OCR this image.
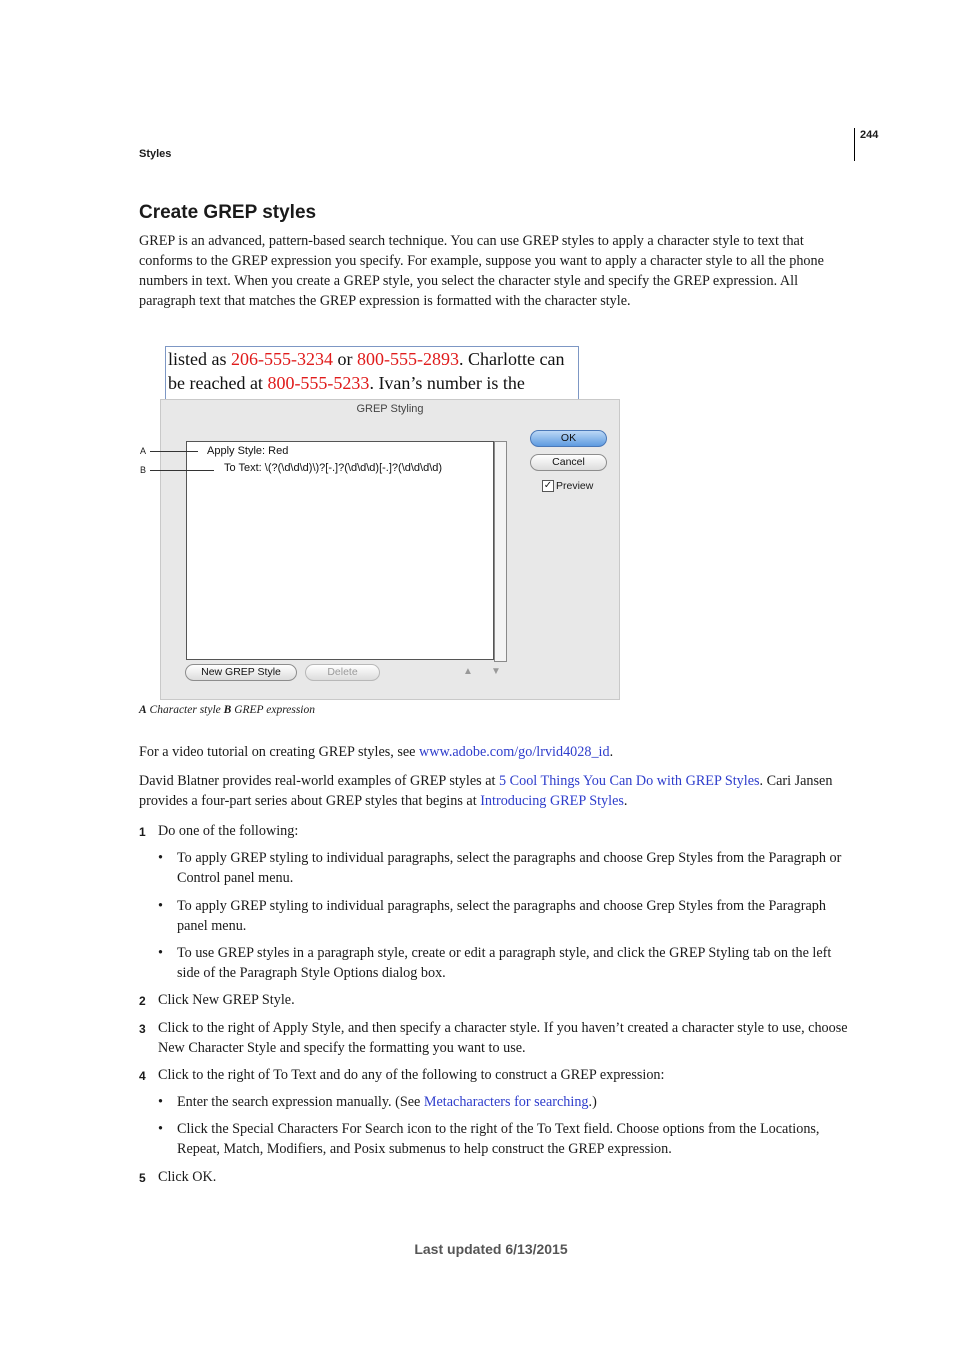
244
Styles
Create GREP styles
GREP is an advanced, pattern-based search technique. You can use GREP styles to apply a character style to text that conforms to the GREP expression you specify. For example, suppose you want to apply a character style to all the phone numbers in text. When you create a GREP style, you select the character style and specify the GREP expression. All paragraph text that matches the GREP expression is formatted with the character style.
listed as 206-555-3234 or 800-555-2893. Charlotte can be reached at 800-555-5233. Ivan’s number is the
GREP Styling
Apply Style: Red
To Text: \(?(\d\d\d)\)?[-.]?(\d\d\d)[-.]?(\d\d\d\d)
OK
Cancel
✓ Preview
New GREP Style	Delete	▲ ▼
A
B
A Character style B GREP expression
For a video tutorial on creating GREP styles, see www.adobe.com/go/lrvid4028_id.
David Blatner provides real-world examples of GREP styles at 5 Cool Things You Can Do with GREP Styles. Cari Jansen provides a four-part series about GREP styles that begins at Introducing GREP Styles.
1 Do one of the following:
• To apply GREP styling to individual paragraphs, select the paragraphs and choose Grep Styles from the Paragraph or Control panel menu.
• To apply GREP styling to individual paragraphs, select the paragraphs and choose Grep Styles from the Paragraph panel menu.
• To use GREP styles in a paragraph style, create or edit a paragraph style, and click the GREP Styling tab on the left side of the Paragraph Style Options dialog box.
2 Click New GREP Style.
3 Click to the right of Apply Style, and then specify a character style. If you haven’t created a character style to use, choose New Character Style and specify the formatting you want to use.
4 Click to the right of To Text and do any of the following to construct a GREP expression:
• Enter the search expression manually. (See Metacharacters for searching.)
• Click the Special Characters For Search icon to the right of the To Text field. Choose options from the Locations, Repeat, Match, Modifiers, and Posix submenus to help construct the GREP expression.
5 Click OK.
Last updated 6/13/2015
